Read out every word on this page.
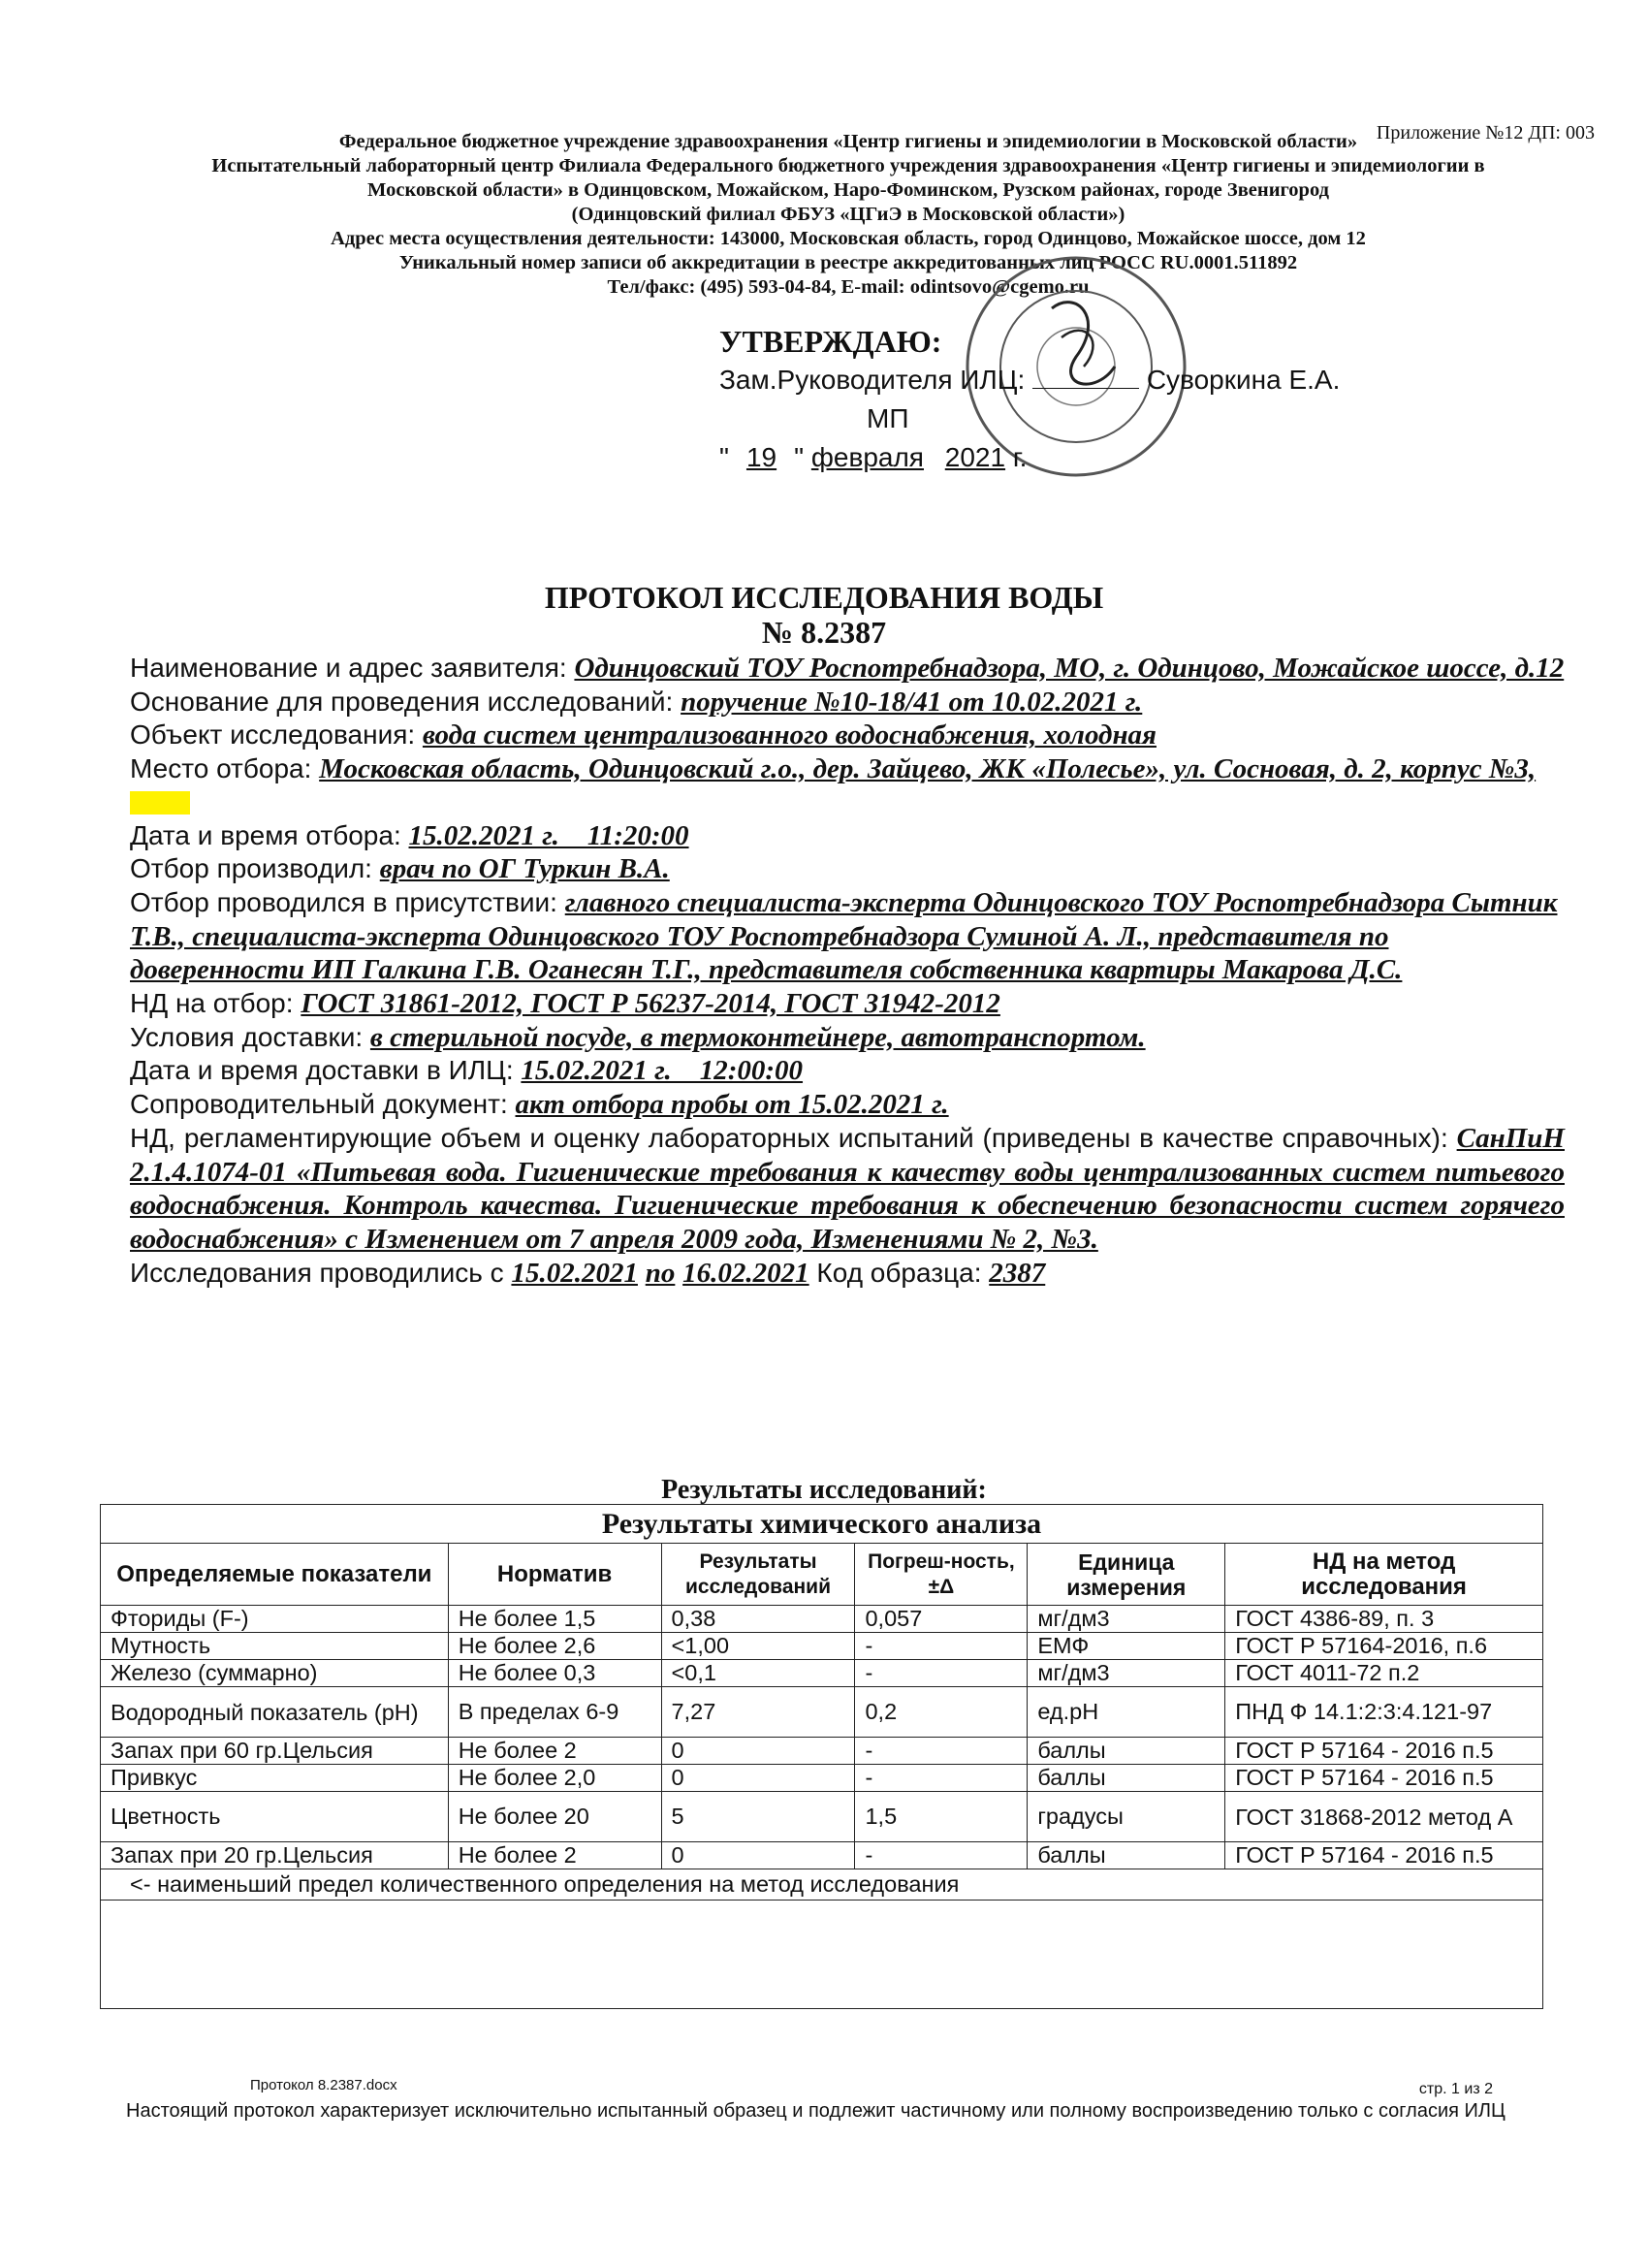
Приложение №12 ДП: 003
Федеральное бюджетное учреждение здравоохранения «Центр гигиены и эпидемиологии в Московской области»
Испытательный лабораторный центр Филиала Федерального бюджетного учреждения здравоохранения «Центр гигиены и эпидемиологии в
Московской области» в Одинцовском, Можайском, Наро-Фоминском, Рузском районах, городе Звенигород
(Одинцовский филиал ФБУЗ «ЦГиЭ в Московской области»)
Адрес места осуществления деятельности: 143000, Московская область, город Одинцово, Можайское шоссе, дом 12
Уникальный номер записи об аккредитации в реестре аккредитованных лиц РОСС RU.0001.511892
Тел/факс: (495) 593-04-84, E-mail: odintsovo@cgemo.ru
УТВЕРЖДАЮ:
Зам.Руководителя ИЛЦ:	Суворкина Е.А.
МП
" 19 " февраля 2021 г.
ПРОТОКОЛ ИССЛЕДОВАНИЯ ВОДЫ
№ 8.2387

Наименование и адрес заявителя: Одинцовский ТОУ Роспотребнадзора, МО, г. Одинцово, Можайское шоссе, д.12

Основание для проведения исследований: поручение №10-18/41 от 10.02.2021 г.

Объект исследования: вода систем централизованного водоснабжения, холодная

Место отбора: Московская область, Одинцовский г.о., дер. Зайцево, ЖК «Полесье», ул. Сосновая, д. 2, корпус №3,

Дата и время отбора: 15.02.2021 г.    11:20:00

Отбор производил: врач по ОГ Туркин В.А.

Отбор проводился в присутствии: главного специалиста-эксперта Одинцовского ТОУ Роспотребнадзора Сытник Т.В., специалиста-эксперта Одинцовского ТОУ Роспотребнадзора Суминой А. Л., представителя по доверенности ИП Галкина Г.В. Оганесян Т.Г., представителя собственника квартиры Макарова Д.С.

НД на отбор: ГОСТ 31861-2012, ГОСТ Р 56237-2014, ГОСТ 31942-2012

Условия доставки: в стерильной посуде, в термоконтейнере, автотранспортом.

Дата и время доставки в ИЛЦ: 15.02.2021 г.    12:00:00

Сопроводительный документ: акт отбора пробы от 15.02.2021 г.

НД, регламентирующие объем и оценку лабораторных испытаний (приведены в качестве справочных): СанПиН 2.1.4.1074-01 «Питьевая вода. Гигиенические требования к качеству воды централизованных систем питьевого водоснабжения. Контроль качества. Гигиенические требования к обеспечению безопасности систем горячего водоснабжения» с Изменением от 7 апреля 2009 года, Изменениями № 2, №3.

Исследования проводились с 15.02.2021 по 16.02.2021 Код образца: 2387

Результаты исследований:
Результаты химического анализа					
Определяемые показатели	Норматив	Результаты исследований	Погреш-ность, ±Δ	Единица измерения	НД на метод исследования
Фториды (F-)	Не более 1,5	0,38	0,057	мг/дм3	ГОСТ 4386-89, п. 3
Мутность	Не более 2,6	<1,00	-	ЕМФ	ГОСТ Р 57164-2016, п.6
Железо (суммарно)	Не более 0,3	<0,1	-	мг/дм3	ГОСТ 4011-72 п.2
Водородный показатель (pH)	В пределах 6-9	7,27	0,2	ед.pH	ПНД Ф 14.1:2:3:4.121-97
Запах при 60 гр.Цельсия	Не более 2	0	-	баллы	ГОСТ Р 57164 - 2016 п.5
Привкус	Не более 2,0	0	-	баллы	ГОСТ Р 57164 - 2016 п.5
Цветность	Не более 20	5	1,5	градусы	ГОСТ 31868-2012 метод А
Запах при 20 гр.Цельсия	Не более 2	0	-	баллы	ГОСТ Р 57164 - 2016 п.5
<- наименьший предел количественного определения на метод исследования					

Протокол 8.2387.docx	стр. 1 из 2
Настоящий протокол характеризует исключительно испытанный образец и подлежит частичному или полному воспроизведению только с согласия ИЛЦ
